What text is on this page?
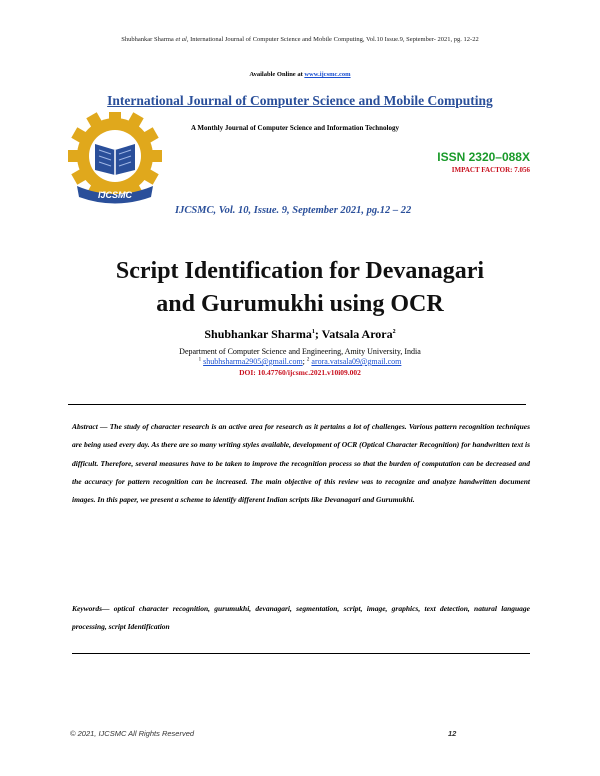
Shubhankar Sharma et al, International Journal of Computer Science and Mobile Computing, Vol.10 Issue.9, September- 2021, pg. 12-22
Available Online at www.ijcsmc.com
International Journal of Computer Science and Mobile Computing
IJCSMC
A Monthly Journal of Computer Science and Information Technology
ISSN 2320–088X
IMPACT FACTOR: 7.056
IJCSMC, Vol. 10, Issue. 9, September 2021, pg.12 – 22
Script Identification for Devanagari
and Gurumukhi using OCR
Shubhankar Sharma$^1$; Vatsala Arora$^2$
Department of Computer Science and Engineering, Amity University, India
$^1$ shubhsharma2905@gmail.com; $^2$ arora.vatsala09@gmail.com
DOI: 10.47760/ijcsmc.2021.v10i09.002
Abstract — The study of character research is an active area for research as it pertains a lot of challenges. Various pattern recognition techniques are being used every day. As there are so many writing styles available, development of OCR (Optical Character Recognition) for handwritten text is difficult. Therefore, several measures have to be taken to improve the recognition process so that the burden of computation can be decreased and the accuracy for pattern recognition can be increased. The main objective of this review was to recognize and analyze handwritten document images. In this paper, we present a scheme to identify different Indian scripts like Devanagari and Gurumukhi.
Keywords— optical character recognition, gurumukhi, devanagari, segmentation, script, image, graphics, text detection, natural language processing, script Identification
© 2021, IJCSMC All Rights Reserved	12
